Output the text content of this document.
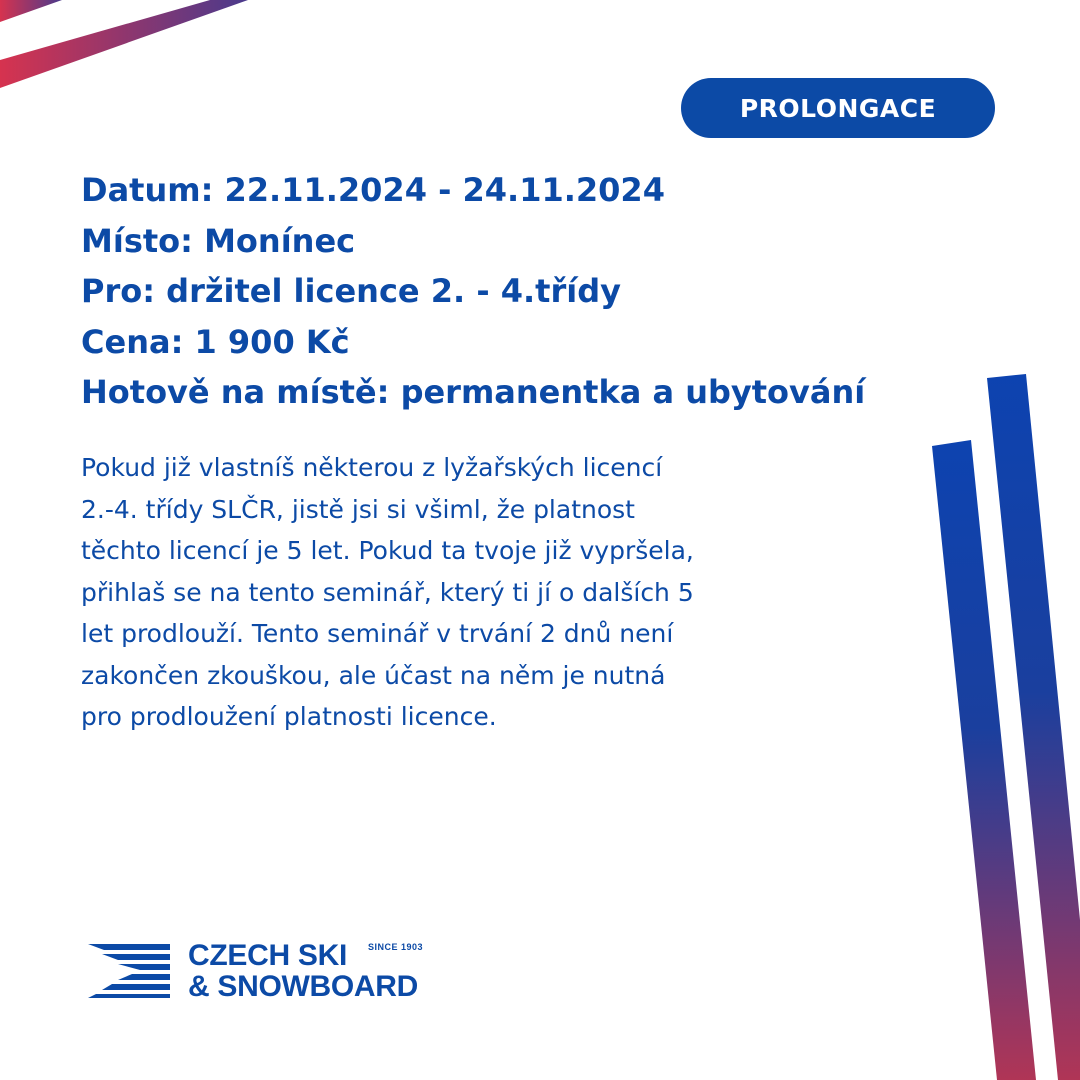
PROLONGACE
Datum: 22.11.2024 - 24.11.2024
Místo: Monínec
Pro: držitel licence 2. - 4.třídy
Cena: 1 900 Kč
Hotově na místě: permanentka a ubytování
Pokud již vlastníš některou z lyžařských licencí
2.-4. třídy SLČR, jistě jsi si všiml, že platnost
těchto licencí je 5 let. Pokud ta tvoje již vypršela,
přihlaš se na tento seminář, který ti jí o dalších 5
let prodlouží. Tento seminář v trvání 2 dnů není
zakončen zkouškou, ale účast na něm je nutná
pro prodloužení platnosti licence.
CZECH SKI
& SNOWBOARD
SINCE 1903
